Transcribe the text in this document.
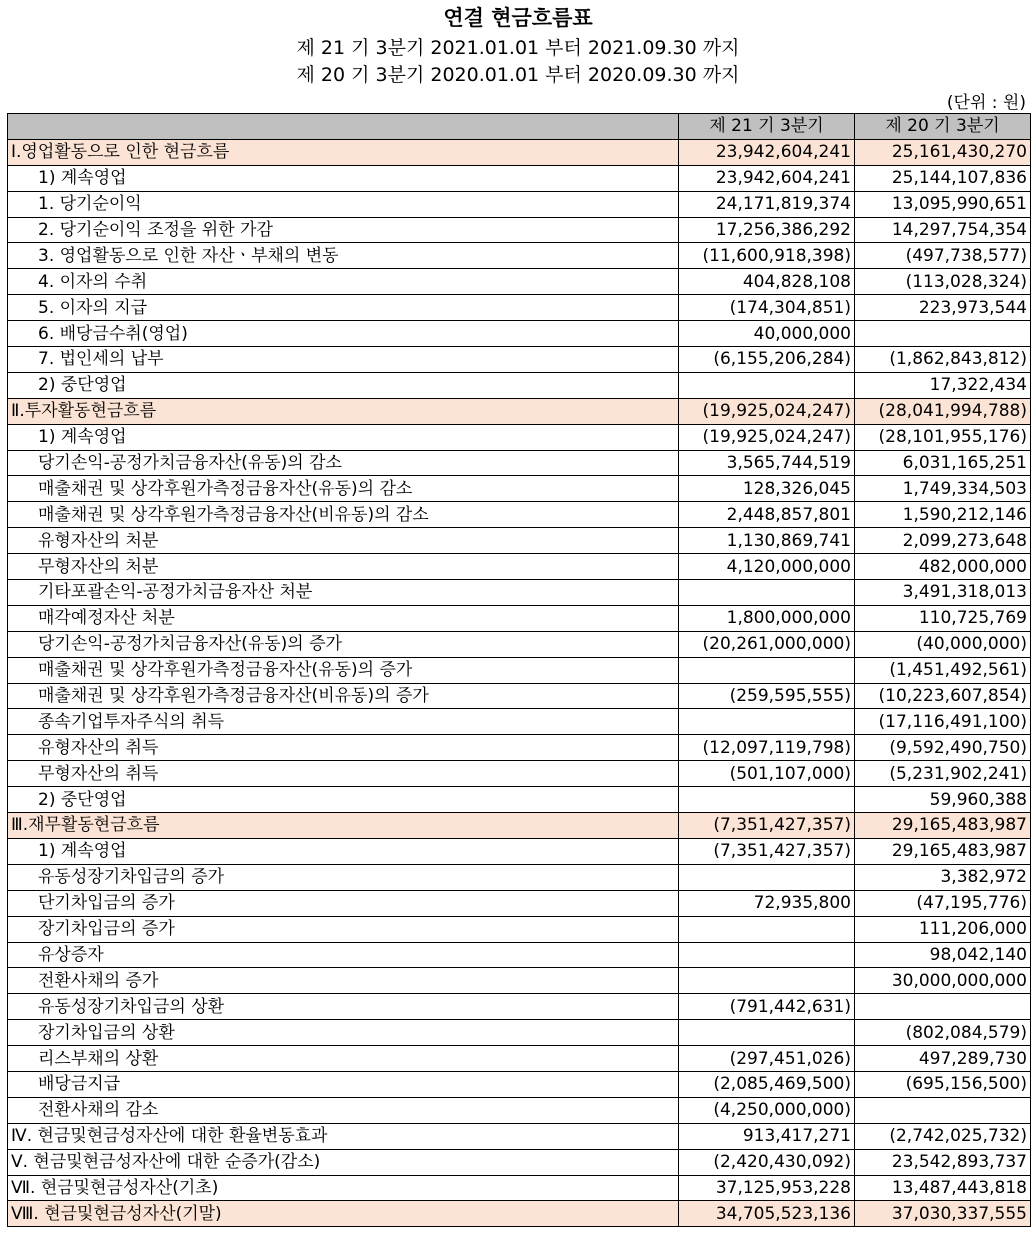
연결 현금흐름표
제 21 기 3분기 2021.01.01 부터 2021.09.30 까지
제 20 기 3분기 2020.01.01 부터 2020.09.30 까지
(단위 : 원)
	제 21 기 3분기	제 20 기 3분기
Ⅰ.영업활동으로 인한 현금흐름	23,942,604,241	25,161,430,270
1) 계속영업	23,942,604,241	25,144,107,836
1. 당기순이익	24,171,819,374	13,095,990,651
2. 당기순이익 조정을 위한 가감	17,256,386,292	14,297,754,354
3. 영업활동으로 인한 자산ㆍ부채의 변동	(11,600,918,398)	(497,738,577)
4. 이자의 수취	404,828,108	(113,028,324)
5. 이자의 지급	(174,304,851)	223,973,544
6. 배당금수취(영업)	40,000,000	
7. 법인세의 납부	(6,155,206,284)	(1,862,843,812)
2) 중단영업		17,322,434
Ⅱ.투자활동현금흐름	(19,925,024,247)	(28,041,994,788)
1) 계속영업	(19,925,024,247)	(28,101,955,176)
당기손익-공정가치금융자산(유동)의 감소	3,565,744,519	6,031,165,251
매출채권 및 상각후원가측정금융자산(유동)의 감소	128,326,045	1,749,334,503
매출채권 및 상각후원가측정금융자산(비유동)의 감소	2,448,857,801	1,590,212,146
유형자산의 처분	1,130,869,741	2,099,273,648
무형자산의 처분	4,120,000,000	482,000,000
기타포괄손익-공정가치금융자산 처분		3,491,318,013
매각예정자산 처분	1,800,000,000	110,725,769
당기손익-공정가치금융자산(유동)의 증가	(20,261,000,000)	(40,000,000)
매출채권 및 상각후원가측정금융자산(유동)의 증가		(1,451,492,561)
매출채권 및 상각후원가측정금융자산(비유동)의 증가	(259,595,555)	(10,223,607,854)
종속기업투자주식의 취득		(17,116,491,100)
유형자산의 취득	(12,097,119,798)	(9,592,490,750)
무형자산의 취득	(501,107,000)	(5,231,902,241)
2) 중단영업		59,960,388
Ⅲ.재무활동현금흐름	(7,351,427,357)	29,165,483,987
1) 계속영업	(7,351,427,357)	29,165,483,987
유동성장기차입금의 증가		3,382,972
단기차입금의 증가	72,935,800	(47,195,776)
장기차입금의 증가		111,206,000
유상증자		98,042,140
전환사채의 증가		30,000,000,000
유동성장기차입금의 상환	(791,442,631)	
장기차입금의 상환		(802,084,579)
리스부채의 상환	(297,451,026)	497,289,730
배당금지급	(2,085,469,500)	(695,156,500)
전환사채의 감소	(4,250,000,000)	
Ⅳ. 현금및현금성자산에 대한 환율변동효과	913,417,271	(2,742,025,732)
Ⅴ. 현금및현금성자산에 대한 순증가(감소)	(2,420,430,092)	23,542,893,737
Ⅶ. 현금및현금성자산(기초)	37,125,953,228	13,487,443,818
Ⅷ. 현금및현금성자산(기말)	34,705,523,136	37,030,337,555
